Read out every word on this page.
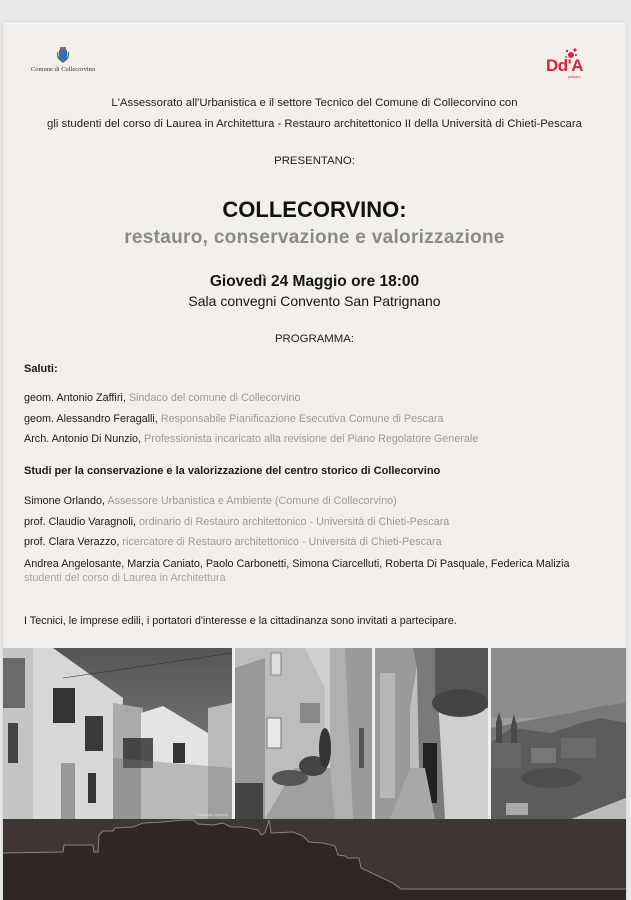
Comune di Collecorvino	Dd'A
pescara
L'Assessorato all'Urbanistica e il settore Tecnico del Comune di Collecorvino con
gli studenti del corso di Laurea in Architettura - Restauro architettonico II della Università di Chieti-Pescara
PRESENTANO:
COLLECORVINO:
restauro, conservazione e valorizzazione
Giovedì 24 Maggio ore 18:00
Sala convegni Convento San Patrignano
PROGRAMMA:
Saluti:
geom. Antonio Zaffiri, Sindaco del comune di Collecorvino
geom. Alessandro Feragalli, Responsabile Pianificazione Esecutiva Comune di Pescara
Arch. Antonio Di Nunzio, Professionista incaricato alla revisione del Piano Regolatore Generale
Studi per la conservazione e la valorizzazione del centro storico di Collecorvino
Simone Orlando, Assessore Urbanistica e Ambiente (Comune di Collecorvino)
prof. Claudio Varagnoli, ordinario di Restauro architettonico - Università di Chieti-Pescara
prof. Clara Verazzo, ricercatore di Restauro architettonico - Università di Chieti-Pescara
Andrea Angelosante, Marzia Caniato, Paolo Carbonetti, Simona Ciarcelluti, Roberta Di Pasquale, Federica Malizia
studenti del corso di Laurea in Architettura
I Tecnici, le imprese edili, i portatori d'interesse e la cittadinanza sono invitati a partecipare.
©Antonio Orlando
